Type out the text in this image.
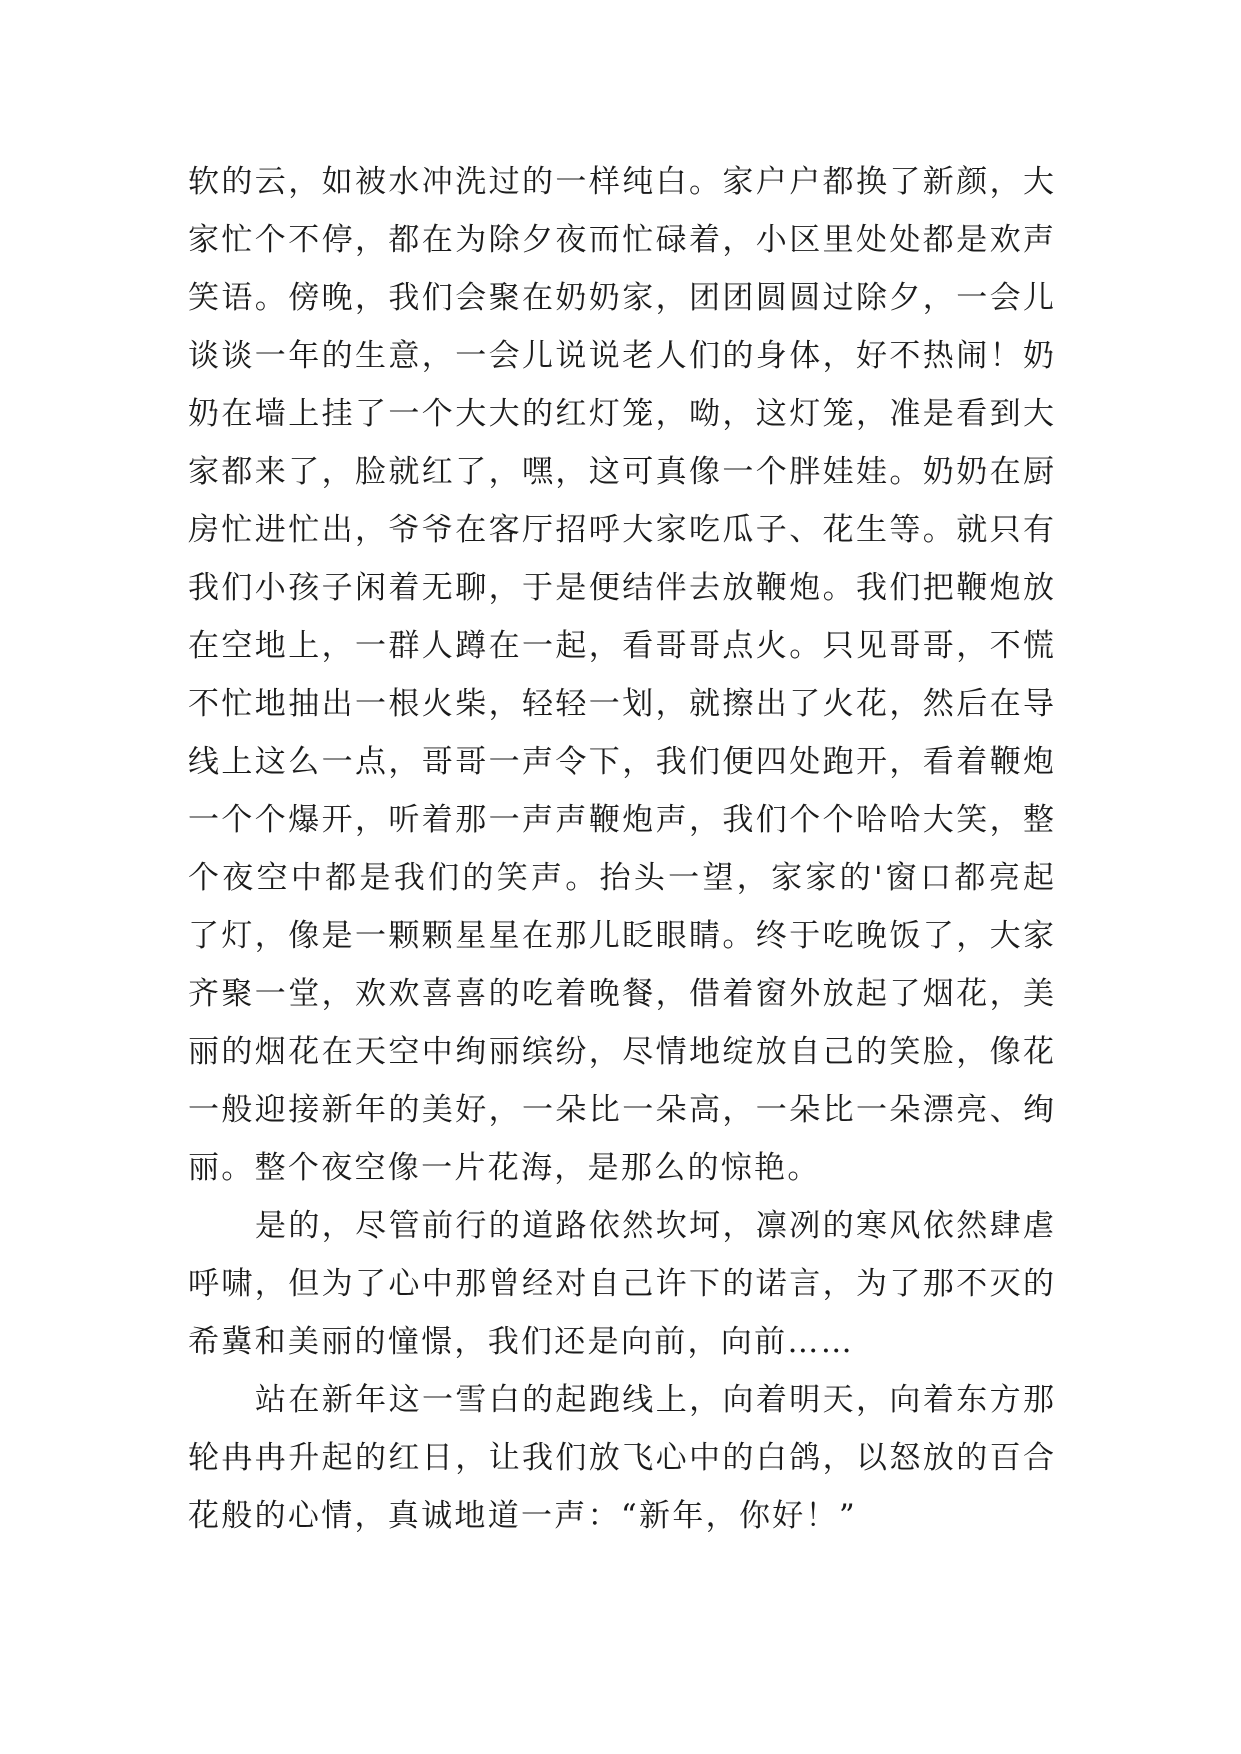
软的云，如被水冲洗过的一样纯白。家户户都换了新颜，大
家忙个不停，都在为除夕夜而忙碌着，小区里处处都是欢声
笑语。傍晚，我们会聚在奶奶家，团团圆圆过除夕，一会儿
谈谈一年的生意，一会儿说说老人们的身体，好不热闹！奶
奶在墙上挂了一个大大的红灯笼，呦，这灯笼，准是看到大
家都来了，脸就红了，嘿，这可真像一个胖娃娃。奶奶在厨
房忙进忙出，爷爷在客厅招呼大家吃瓜子、花生等。就只有
我们小孩子闲着无聊，于是便结伴去放鞭炮。我们把鞭炮放
在空地上，一群人蹲在一起，看哥哥点火。只见哥哥，不慌
不忙地抽出一根火柴，轻轻一划，就擦出了火花，然后在导
线上这么一点，哥哥一声令下，我们便四处跑开，看着鞭炮
一个个爆开，听着那一声声鞭炮声，我们个个哈哈大笑，整
个夜空中都是我们的笑声。抬头一望，家家的'窗口都亮起
了灯，像是一颗颗星星在那儿眨眼睛。终于吃晚饭了，大家
齐聚一堂，欢欢喜喜的吃着晚餐，借着窗外放起了烟花，美
丽的烟花在天空中绚丽缤纷，尽情地绽放自己的笑脸，像花
一般迎接新年的美好，一朵比一朵高，一朵比一朵漂亮、绚
丽。整个夜空像一片花海，是那么的惊艳。
是的，尽管前行的道路依然坎坷，凛冽的寒风依然肆虐
呼啸，但为了心中那曾经对自己许下的诺言，为了那不灭的
希冀和美丽的憧憬，我们还是向前，向前……
站在新年这一雪白的起跑线上，向着明天，向着东方那
轮冉冉升起的红日，让我们放飞心中的白鸽，以怒放的百合
花般的心情，真诚地道一声：“新年，你好！”
